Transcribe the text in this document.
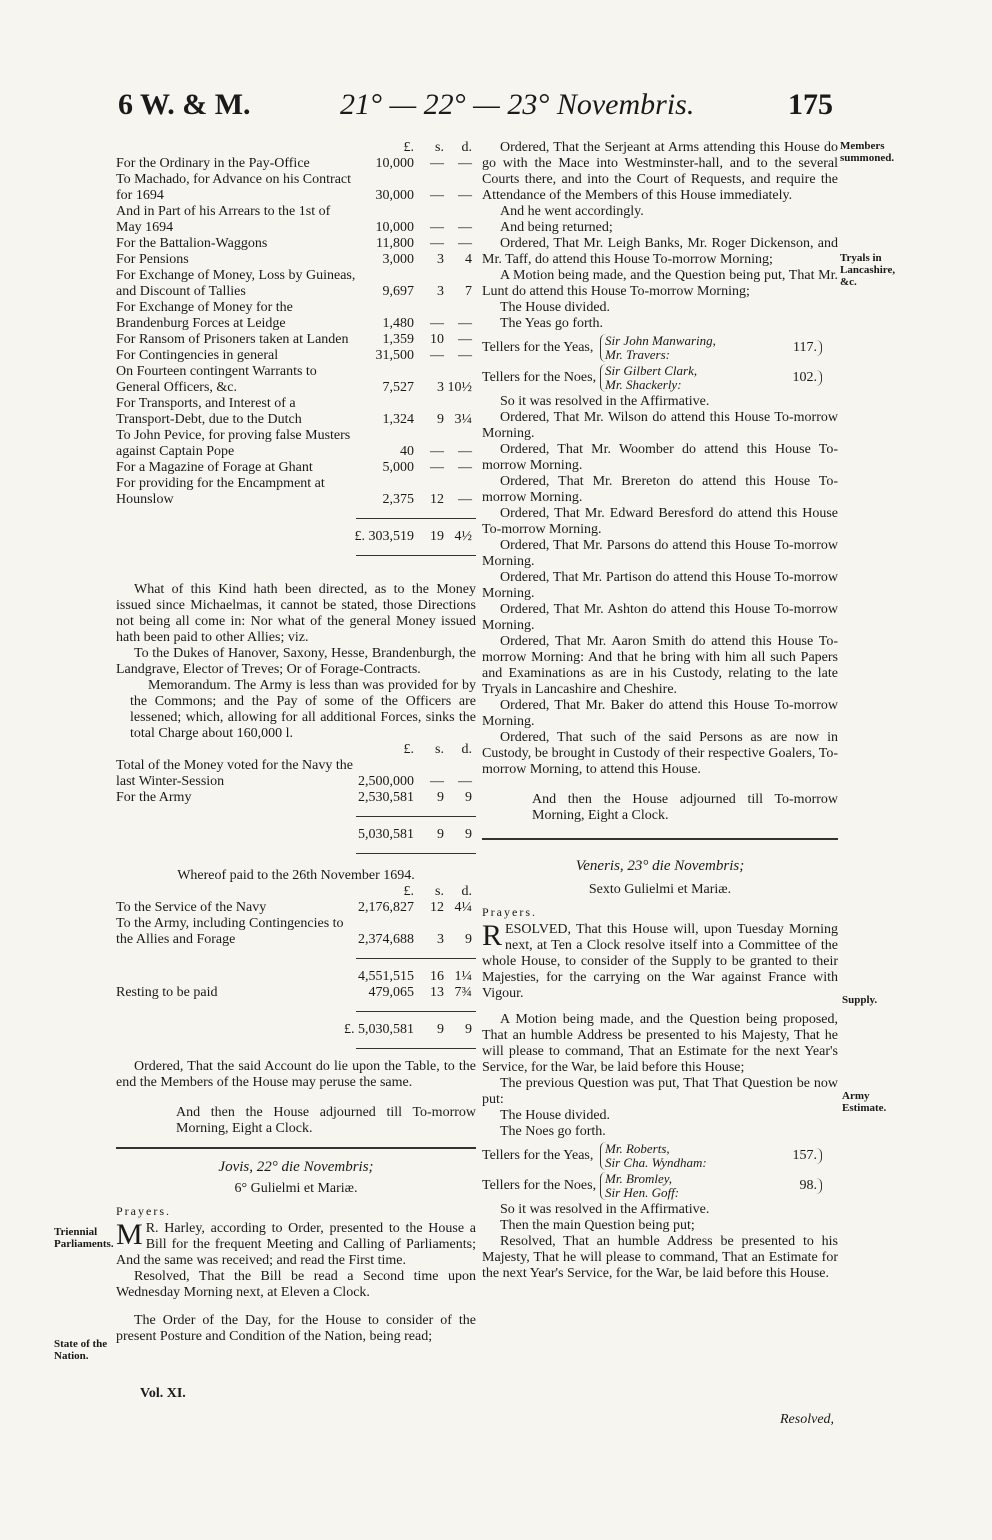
6 W. & M.	21° — 22° — 23° Novembris.	175
Members summoned.
Tryals in Lancashire, &c.
Supply.
Army Estimate.
Triennial Parliaments.
State of the Nation.
£.	s.	d.
For the Ordinary in the Pay-Office	10,000	—	—
To Machado, for Advance on his Contract for 1694	30,000	—	—
And in Part of his Arrears to the 1st of May 1694	10,000	—	—
For the Battalion-Waggons	11,800	—	—
For Pensions	3,000	3	4
For Exchange of Money, Loss by Guineas, and Discount of Tallies	9,697	3	7
For Exchange of Money for the Brandenburg Forces at Leidge	1,480	—	—
For Ransom of Prisoners taken at Landen	1,359	10	—
For Contingencies in general	31,500	—	—
On Fourteen contingent Warrants to General Officers, &c.	7,527	3 10½
For Transports, and Interest of a Transport-Debt, due to the Dutch	1,324	9 3¼
To John Pevice, for proving false Musters against Captain Pope	40	—	—
For a Magazine of Forage at Ghant	5,000	—	—
For providing for the Encampment at Hounslow	2,375	12	—
£. 303,519	19 4½

What of this Kind hath been directed, as to the Money issued since Michaelmas, it cannot be stated, those Directions not being all come in: Nor what of the general Money issued hath been paid to other Allies; viz.

To the Dukes of Hanover, Saxony, Hesse, Brandenburgh, the Landgrave, Elector of Treves; Or of Forage-Contracts.

Memorandum. The Army is less than was provided for by the Commons; and the Pay of some of the Officers are lessened; which, allowing for all additional Forces, sinks the total Charge about 160,000 l.

£.	s.	d.
Total of the Money voted for the Navy the last Winter-Session	2,500,000	—	—
For the Army	2,530,581	9	9
5,030,581	9	9

Whereof paid to the 26th November 1694.

£.	s.	d.
To the Service of the Navy	2,176,827	12 4¼
To the Army, including Contingencies to the Allies and Forage	2,374,688	3	9
4,551,515	16 1¼
Resting to be paid	479,065	13 7¾
£. 5,030,581	9	9

Ordered, That the said Account do lie upon the Table, to the end the Members of the House may peruse the same.

And then the House adjourned till To-morrow Morning, Eight a Clock.

Jovis, 22° die Novembris;

6° Gulielmi et Mariæ.

Prayers.

M R. Harley, according to Order, presented to the House a Bill for the frequent Meeting and Calling of Parliaments; And the same was received; and read the First time.

Resolved, That the Bill be read a Second time upon Wednesday Morning next, at Eleven a Clock.

The Order of the Day, for the House to consider of the present Posture and Condition of the Nation, being read;

Ordered, That the Serjeant at Arms attending this House do go with the Mace into Westminster-hall, and to the several Courts there, and into the Court of Requests, and require the Attendance of the Members of this House immediately.

And he went accordingly.

And being returned;

Ordered, That Mr. Leigh Banks, Mr. Roger Dickenson, and Mr. Taff, do attend this House To-morrow Morning;

A Motion being made, and the Question being put, That Mr. Lunt do attend this House To-morrow Morning;

The House divided.

The Yeas go forth.

Tellers for the Yeas, Sir John Manwaring,
Mr. Travers:	117.
Tellers for the Noes, Sir Gilbert Clark,
Mr. Shackerly:	102.

So it was resolved in the Affirmative.

Ordered, That Mr. Wilson do attend this House To-morrow Morning.

Ordered, That Mr. Woomber do attend this House To-morrow Morning.

Ordered, That Mr. Brereton do attend this House To-morrow Morning.

Ordered, That Mr. Edward Beresford do attend this House To-morrow Morning.

Ordered, That Mr. Parsons do attend this House To-morrow Morning.

Ordered, That Mr. Partison do attend this House To-morrow Morning.

Ordered, That Mr. Ashton do attend this House To-morrow Morning.

Ordered, That Mr. Aaron Smith do attend this House To-morrow Morning: And that he bring with him all such Papers and Examinations as are in his Custody, relating to the late Tryals in Lancashire and Cheshire.

Ordered, That Mr. Baker do attend this House To-morrow Morning.

Ordered, That such of the said Persons as are now in Custody, be brought in Custody of their respective Goalers, To-morrow Morning, to attend this House.

And then the House adjourned till To-morrow Morning, Eight a Clock.

Veneris, 23° die Novembris;

Sexto Gulielmi et Mariæ.

Prayers.

RESOLVED, That this House will, upon Tuesday Morning next, at Ten a Clock resolve itself into a Committee of the whole House, to consider of the Supply to be granted to their Majesties, for the carrying on the War against France with Vigour.

A Motion being made, and the Question being proposed, That an humble Address be presented to his Majesty, That he will please to command, That an Estimate for the next Year's Service, for the War, be laid before this House;

The previous Question was put, That That Question be now put:

The House divided.

The Noes go forth.

Tellers for the Yeas, Mr. Roberts,
Sir Cha. Wyndham:	157.
Tellers for the Noes, Mr. Bromley,
Sir Hen. Goff:	98.

So it was resolved in the Affirmative.

Then the main Question being put;

Resolved, That an humble Address be presented to his Majesty, That he will please to command, That an Estimate for the next Year's Service, for the War, be laid before this House.

Vol. XI.
Resolved,
